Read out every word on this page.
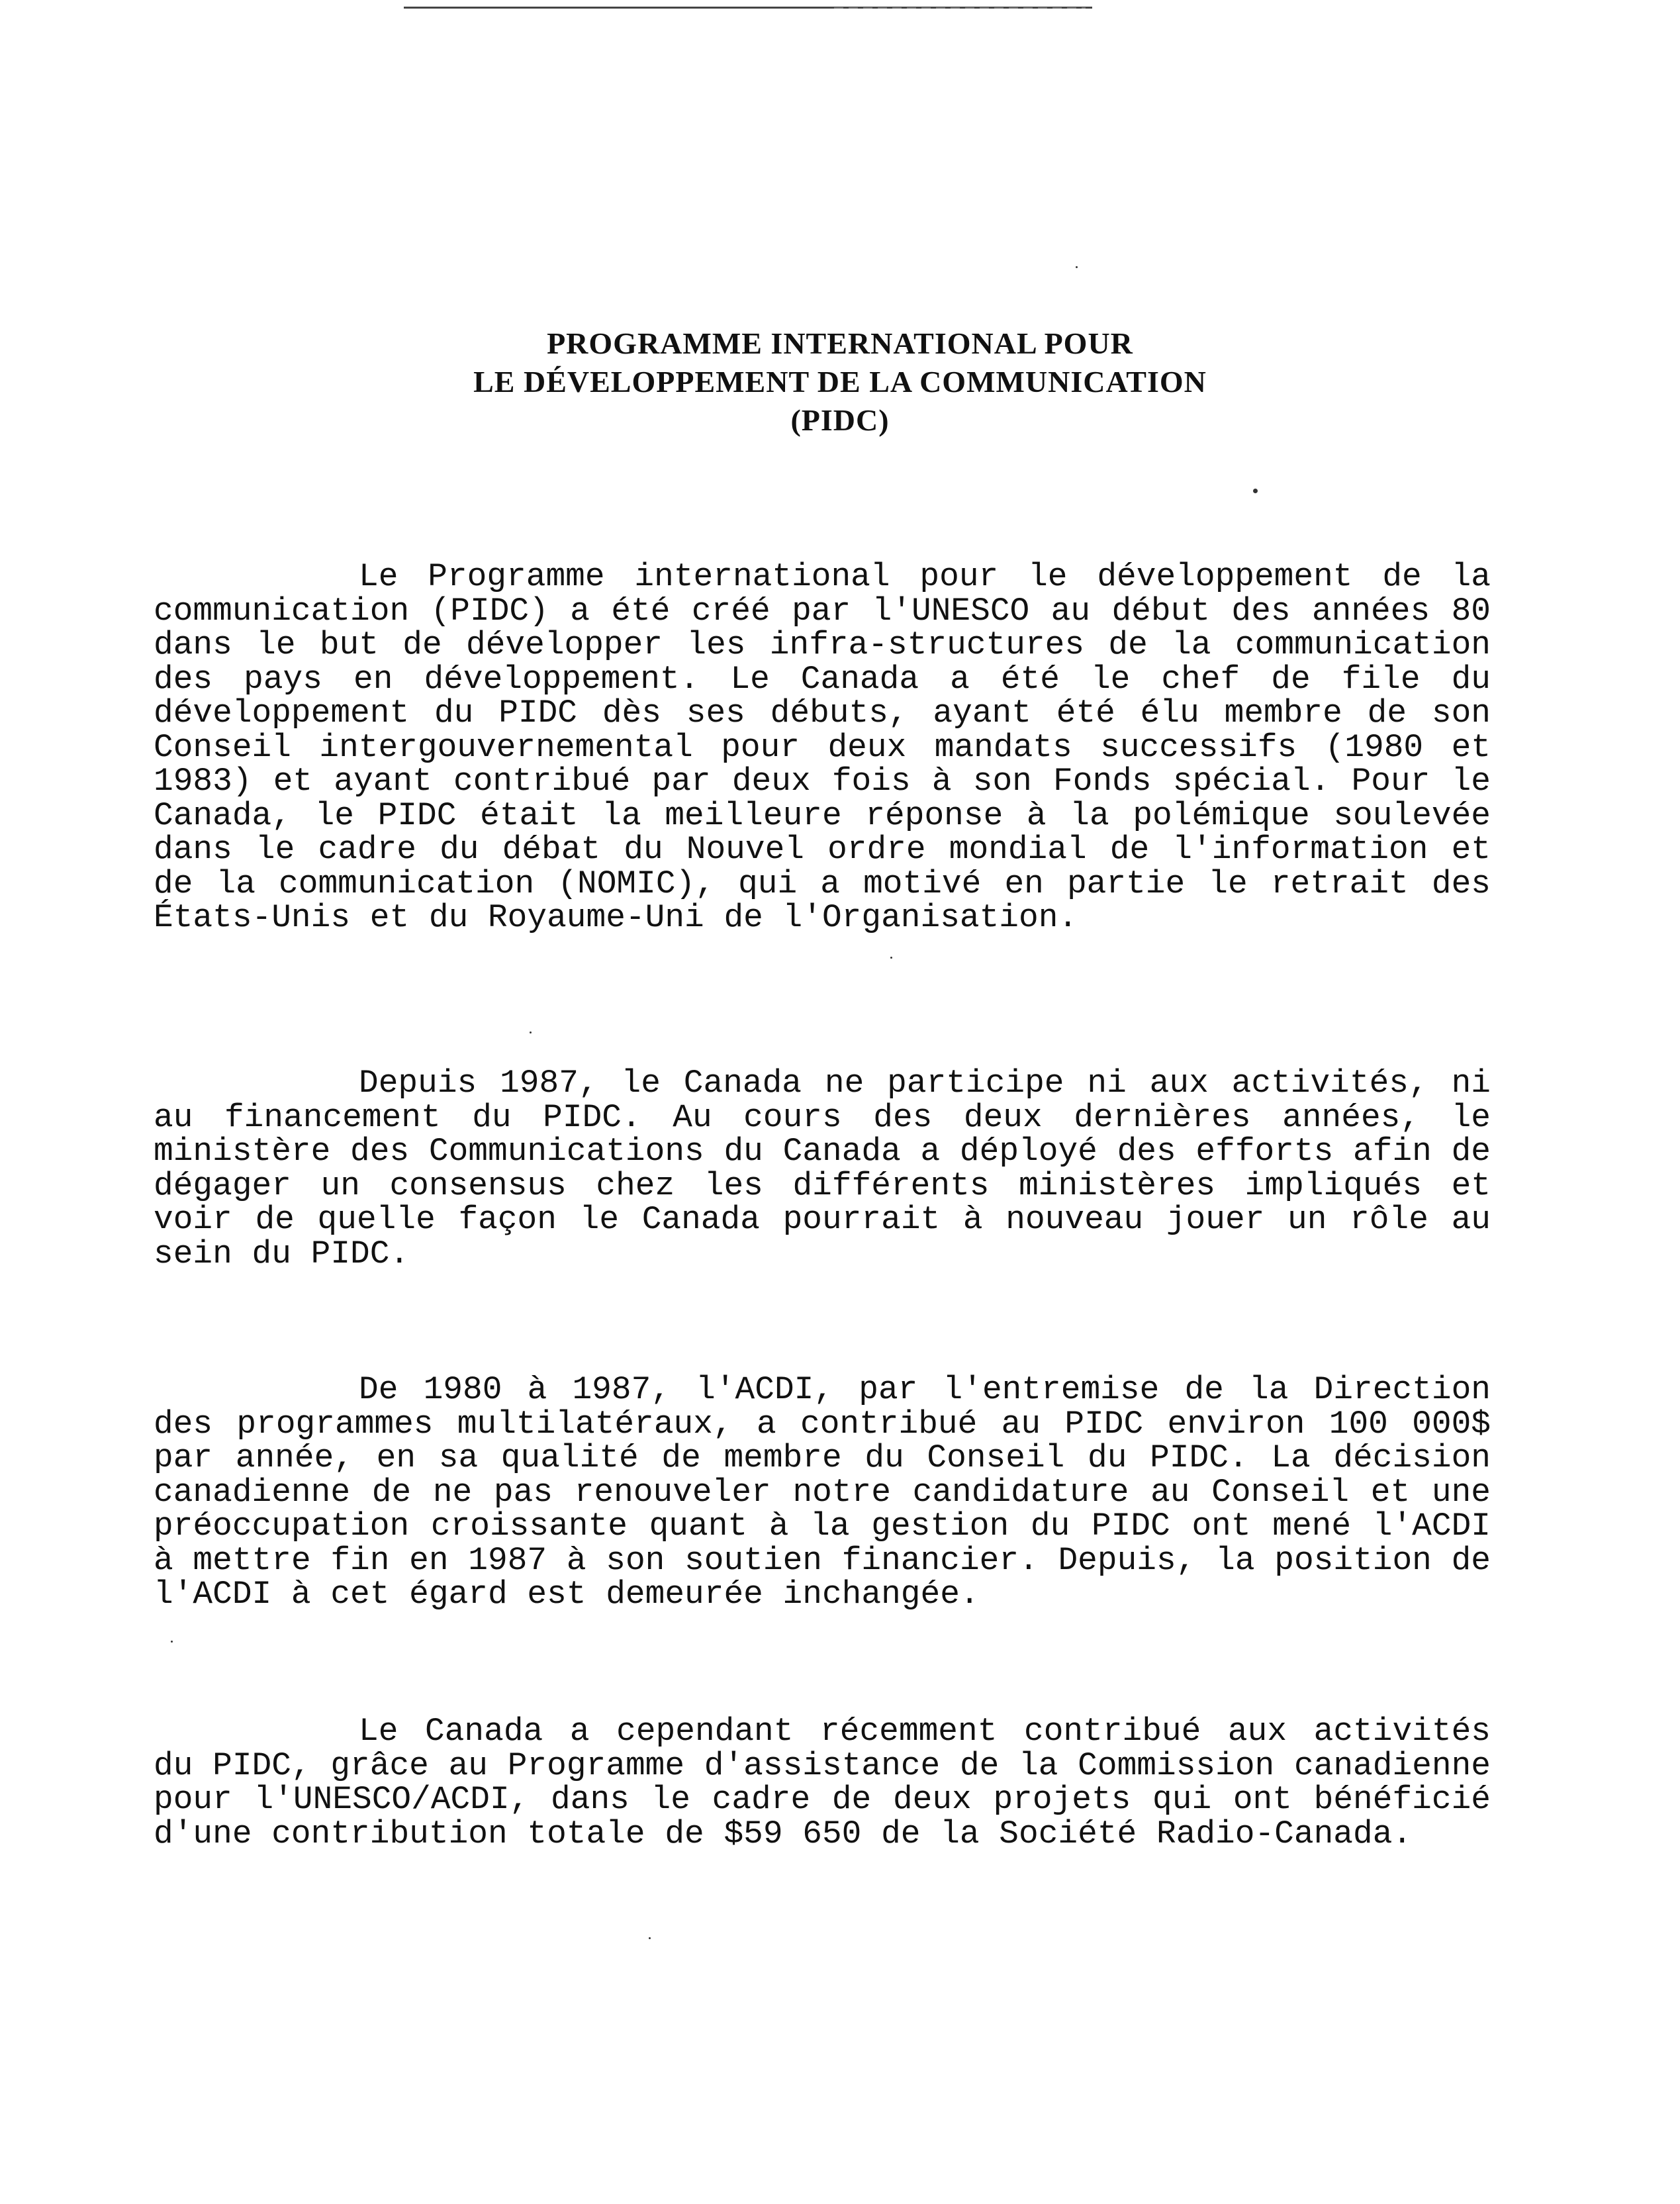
PROGRAMME INTERNATIONAL POUR
LE DÉVELOPPEMENT DE LA COMMUNICATION
(PIDC)

Le Programme international pour le développement de la communication (PIDC) a été créé par l'UNESCO au début des années 80 dans le but de développer les infra-structures de la communication des pays en développement. Le Canada a été le chef de file du développement du PIDC dès ses débuts, ayant été élu membre de son Conseil intergouvernemental pour deux mandats successifs (1980 et 1983) et ayant contribué par deux fois à son Fonds spécial. Pour le Canada, le PIDC était la meilleure réponse à la polémique soulevée dans le cadre du débat du Nouvel ordre mondial de l'information et de la communication (NOMIC), qui a motivé en partie le retrait des États-Unis et du Royaume-Uni de l'Organisation.

Depuis 1987, le Canada ne participe ni aux activités, ni au financement du PIDC. Au cours des deux dernières années, le ministère des Communications du Canada a déployé des efforts afin de dégager un consensus chez les différents ministères impliqués et voir de quelle façon le Canada pourrait à nouveau jouer un rôle au sein du PIDC.

De 1980 à 1987, l'ACDI, par l'entremise de la Direction des programmes multilatéraux, a contribué au PIDC environ 100 000$ par année, en sa qualité de membre du Conseil du PIDC. La décision canadienne de ne pas renouveler notre candidature au Conseil et une préoccupation croissante quant à la gestion du PIDC ont mené l'ACDI à mettre fin en 1987 à son soutien financier. Depuis, la position de l'ACDI à cet égard est demeurée inchangée.

Le Canada a cependant récemment contribué aux activités du PIDC, grâce au Programme d'assistance de la Commission canadienne pour l'UNESCO/ACDI, dans le cadre de deux projets qui ont bénéficié d'une contribution totale de $59 650 de la Société Radio-Canada.
